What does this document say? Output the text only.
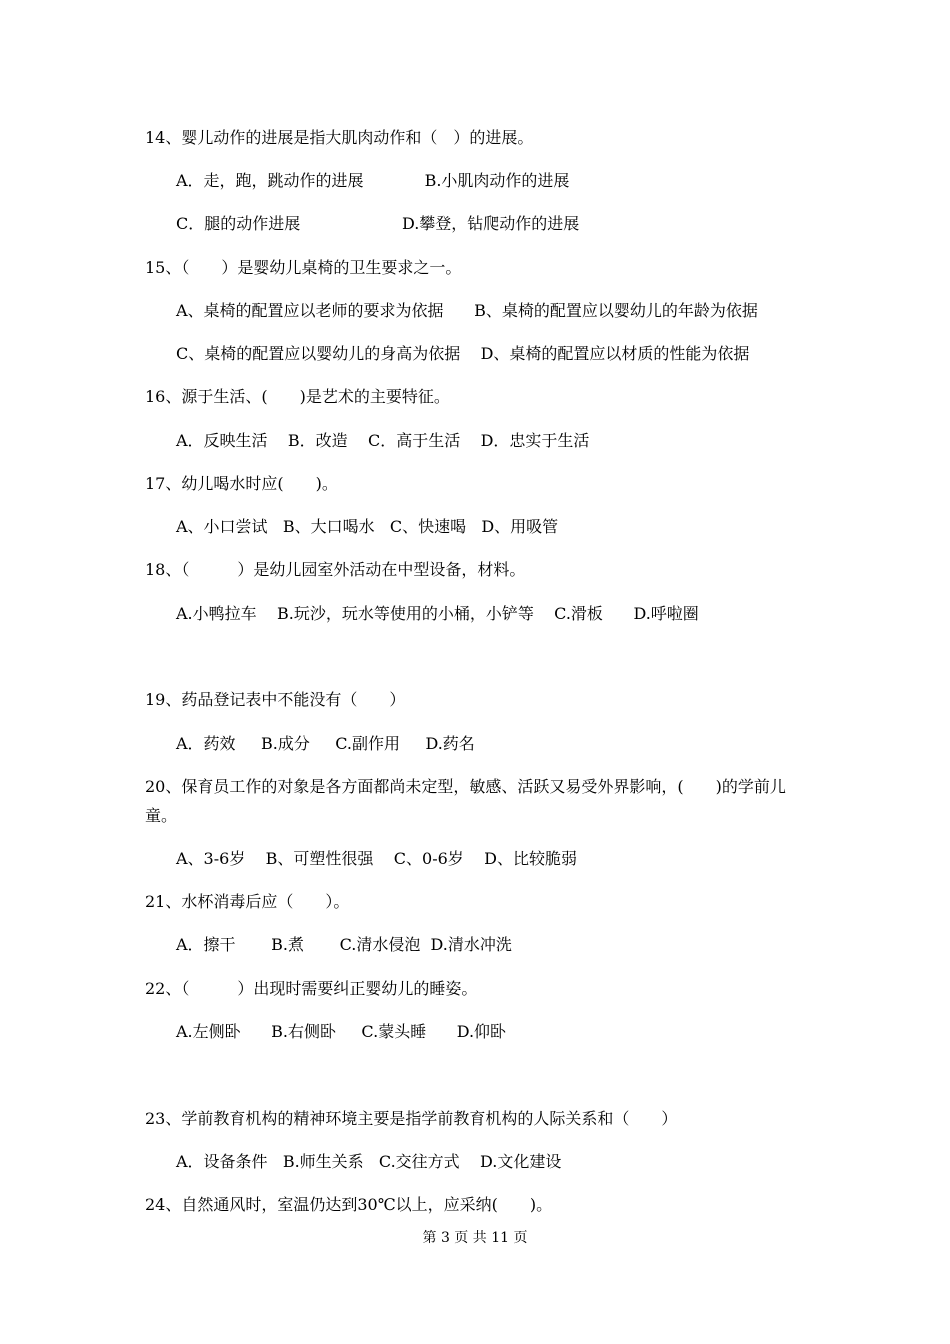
14、婴儿动作的进展是指大肌肉动作和（　）的进展。
A．走，跑，跳动作的进展            B.小肌肉动作的进展
C．腿的动作进展                    D.攀登，钻爬动作的进展
15、（　　）是婴幼儿桌椅的卫生要求之一。
A、桌椅的配置应以老师的要求为依据      B、桌椅的配置应以婴幼儿的年龄为依据
C、桌椅的配置应以婴幼儿的身高为依据    D、桌椅的配置应以材质的性能为依据
16、源于生活、(　　)是艺术的主要特征。
A．反映生活    B．改造    C．高于生活    D．忠实于生活
17、幼儿喝水时应(　　)。
A、小口尝试   B、大口喝水   C、快速喝   D、用吸管
18、（　　　）是幼儿园室外活动在中型设备，材料。
A.小鸭拉车    B.玩沙，玩水等使用的小桶，小铲等    C.滑板      D.呼啦圈
19、药品登记表中不能没有（　　）
A．药效     B.成分     C.副作用     D.药名
20、保育员工作的对象是各方面都尚未定型，敏感、活跃又易受外界影响，(　　)的学前儿
童。
A、3-6岁    B、可塑性很强    C、0-6岁    D、比较脆弱
21、水杯消毒后应（　　）。
A．擦干       B.煮       C.清水侵泡  D.清水冲洗
22、（　　　）出现时需要纠正婴幼儿的睡姿。
A.左侧卧      B.右侧卧     C.蒙头睡      D.仰卧
23、学前教育机构的精神环境主要是指学前教育机构的人际关系和（　　）
A．设备条件   B.师生关系   C.交往方式    D.文化建设
24、自然通风时，室温仍达到30℃以上，应采纳(　　)。
第 3 页 共 11 页
